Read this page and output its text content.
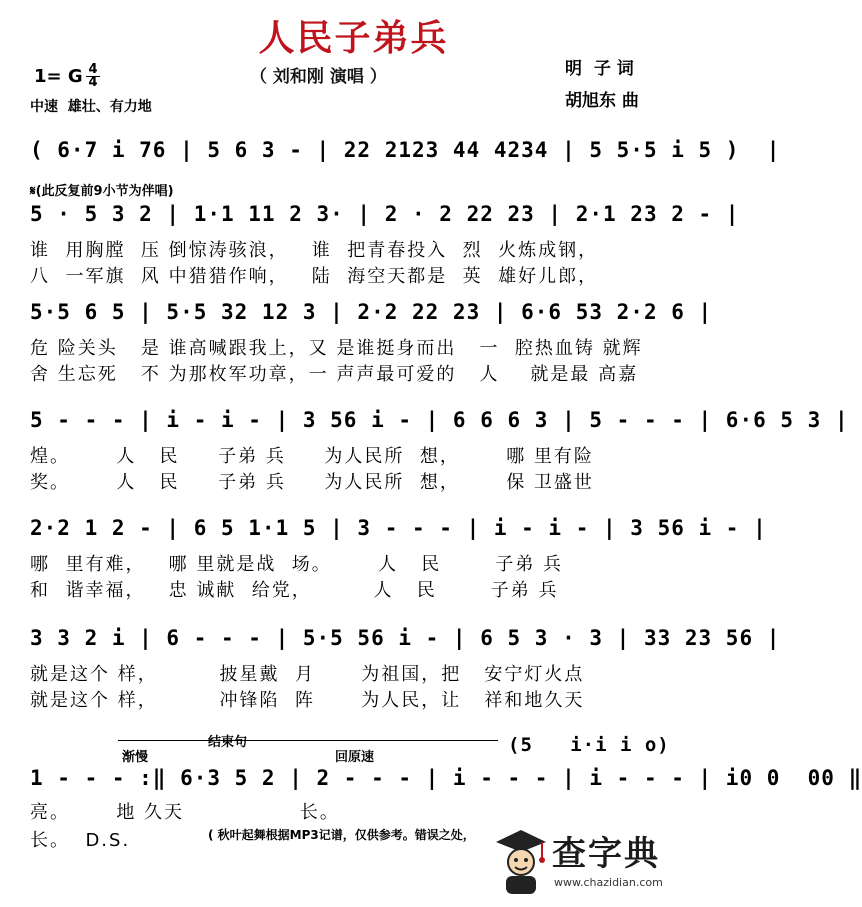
人民子弟兵
（ 刘和刚 演唱 ）	明  子 词
胡旭东 曲
1= G $\frac{4}{4}$
中速  雄壮、有力地
( 6·7 i 76 | 5 6 3 - | 22 2123 44 4234 | 5 5·5 i 5 )  |
𝄋(此反复前9小节为伴唱)
5 · 5 3 2 | 1·1 11 2 3· | 2 · 2 22 23 | 2·1 23 2 - |
谁  用胸膛  压 倒惊涛骇浪，   谁  把青春投入  烈  火炼成钢，
八  一军旗  风 中猎猎作响，   陆  海空天都是  英  雄好儿郎，
5·5 6 5 | 5·5 32 12 3 | 2·2 22 23 | 6·6 53 2·2 6 |
危 险关头   是 谁高喊跟我上，又 是谁挺身而出   一  腔热血铸 就辉
舍 生忘死   不 为那枚军功章，一 声声最可爱的   人    就是最 高嘉
5 - - - | i - i - | 3 56 i - | 6 6 6 3 | 5 - - - | 6·6 5 3 |
煌。      人   民     子弟 兵     为人民所  想，      哪 里有险
奖。      人   民     子弟 兵     为人民所  想，      保 卫盛世
2·2 1 2 - | 6 5 1·1 5 | 3 - - - | i - i - | 3 56 i - |
哪  里有难，   哪 里就是战  场。      人   民       子弟 兵
和  谐幸福，   忠 诚献  给党，        人   民       子弟 兵
3 3 2 i | 6 - - - | 5·5 56 i - | 6 5 3 · 3 | 33 23 56 |
就是这个 样，        披星戴  月      为祖国，把   安宁灯火点
就是这个 样，        冲锋陷  阵      为人民，让   祥和地久天
结束句
渐慢	回原速
(5   i·i i o)
1 - - - :‖ 6·3 5 2 | 2 - - - | i - - - | i - - - | i0 0  00 ‖
亮。      地 久天               长。
长。  D.S.	( 秋叶起舞根据MP3记谱，仅供参考。错误之处， 查字典
www.chazidian.com
